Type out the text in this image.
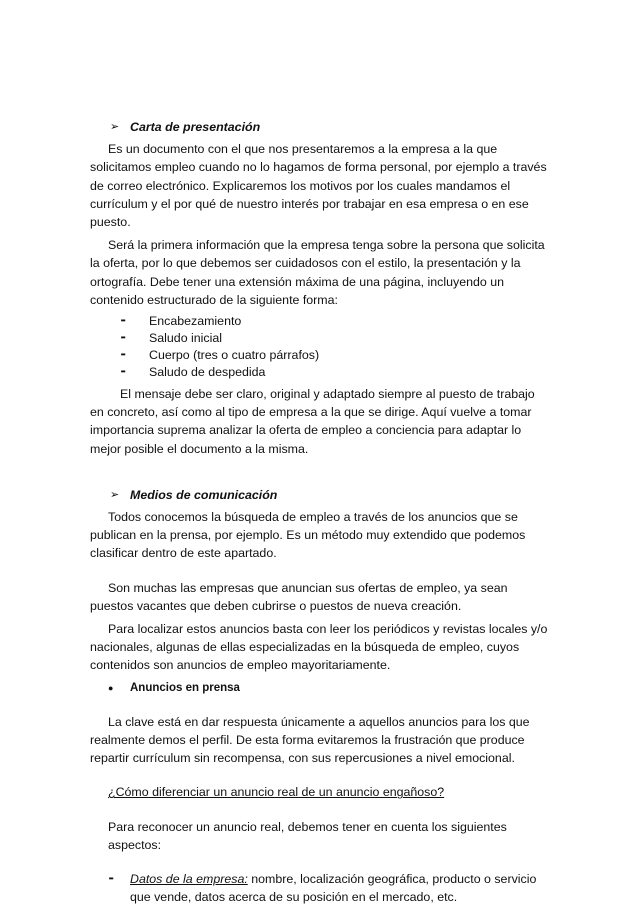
➢ Carta de presentación

Es un documento con el que nos presentaremos a la empresa a la que solicitamos empleo cuando no lo hagamos de forma personal, por ejemplo a través de correo electrónico. Explicaremos los motivos por los cuales mandamos el currículum y el por qué de nuestro interés por trabajar en esa empresa o en ese puesto.

Será la primera información que la empresa tenga sobre la persona que solicita la oferta, por lo que debemos ser cuidadosos con el estilo, la presentación y la ortografía. Debe tener una extensión máxima de una página, incluyendo un contenido estructurado de la siguiente forma:

⁃	Encabezamiento
⁃	Saludo inicial
⁃	Cuerpo (tres o cuatro párrafos)
⁃	Saludo de despedida

El mensaje debe ser claro, original y adaptado siempre al puesto de trabajo en concreto, así como al tipo de empresa a la que se dirige. Aquí vuelve a tomar importancia suprema analizar la oferta de empleo a conciencia para adaptar lo mejor posible el documento a la misma.

➢ Medios de comunicación

Todos conocemos la búsqueda de empleo a través de los anuncios que se publican en la prensa, por ejemplo. Es un método muy extendido que podemos clasificar dentro de este apartado.

Son muchas las empresas que anuncian sus ofertas de empleo, ya sean puestos vacantes que deben cubrirse o puestos de nueva creación.

Para localizar estos anuncios basta con leer los periódicos y revistas locales y/o nacionales, algunas de ellas especializadas en la búsqueda de empleo, cuyos contenidos son anuncios de empleo mayoritariamente.

●	Anuncios en prensa

La clave está en dar respuesta únicamente a aquellos anuncios para los que realmente demos el perfil. De esta forma evitaremos la frustración que produce repartir currículum sin recompensa, con sus repercusiones a nivel emocional.

¿Cómo diferenciar un anuncio real de un anuncio engañoso?

Para reconocer un anuncio real, debemos tener en cuenta los siguientes aspectos:

⁃	Datos de la empresa: nombre, localización geográfica, producto o servicio que vende, datos acerca de su posición en el mercado, etc.
